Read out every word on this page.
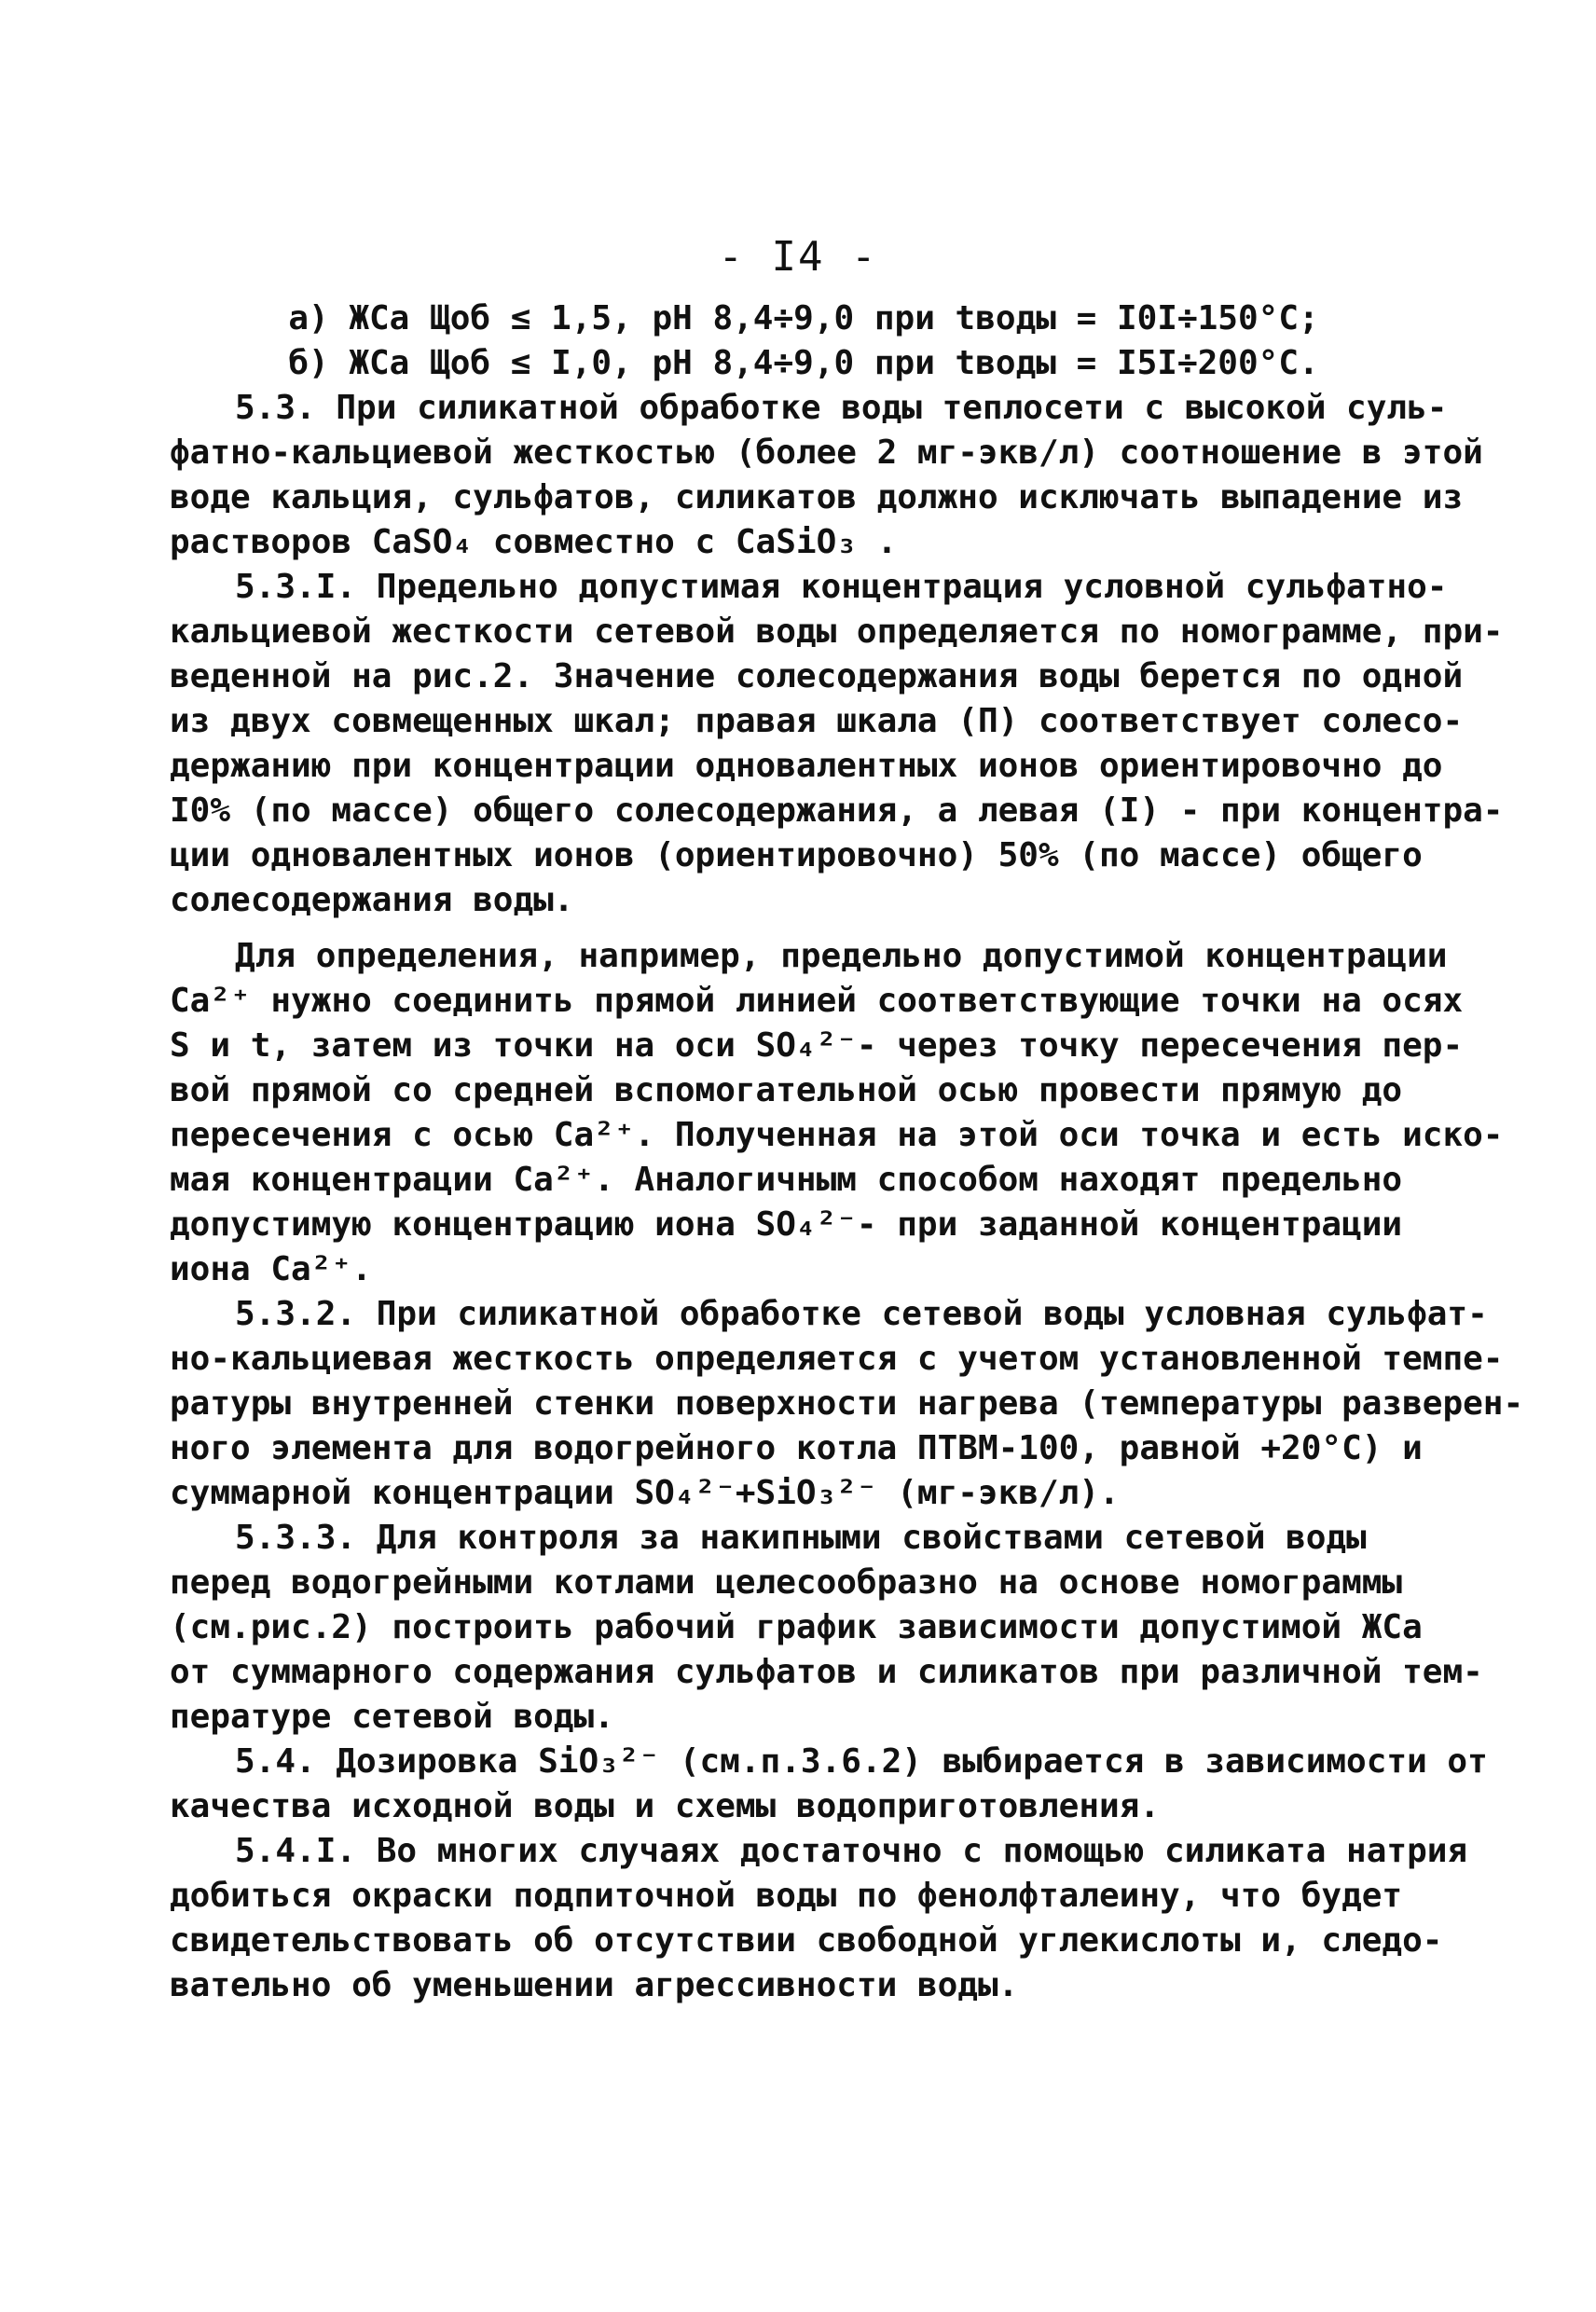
- I4 -
а) ЖCa Щоб ≤ 1,5, рН 8,4÷9,0 при tводы = I0I÷150°C;
б) ЖCa Щоб ≤ I,0, рН 8,4÷9,0 при tводы = I5I÷200°С.
5.3. При силикатной обработке воды теплосети с высокой суль-
фатно-кальциевой жесткостью (более 2 мг-экв/л) соотношение в этой
воде кальция, сульфатов, силикатов должно исключать выпадение из
растворов CaSO₄ совместно с CaSiO₃ .
5.3.I. Предельно допустимая концентрация условной сульфатно-
кальциевой жесткости сетевой воды определяется по номограмме, при-
веденной на рис.2. Значение солесодержания воды берется по одной
из двух совмещенных шкал; правая шкала (П) соответствует солесо-
держанию при концентрации одновалентных ионов ориентировочно до
I0% (по массе) общего солесодержания, а левая (I) - при концентра-
ции одновалентных ионов (ориентировочно) 50% (по массе) общего
солесодержания воды.
Для определения, например, предельно допустимой концентрации
Са²⁺ нужно соединить прямой линией соответствующие точки на осях
S и t, затем из точки на оси SO₄²⁻- через точку пересечения пер-
вой прямой со средней вспомогательной осью провести прямую до
пересечения с осью Ca²⁺. Полученная на этой оси точка и есть иско-
мая концентрации Ca²⁺. Аналогичным способом находят предельно
допустимую концентрацию иона SO₄²⁻- при заданной концентрации
иона Ca²⁺.
5.3.2. При силикатной обработке сетевой воды условная сульфат-
но-кальциевая жесткость определяется с учетом установленной темпе-
ратуры внутренней стенки поверхности нагрева (температуры разверен-
ного элемента для водогрейного котла ПТВМ-100, равной +20°С) и
суммарной концентрации SO₄²⁻+SiO₃²⁻ (мг-экв/л).
5.3.3. Для контроля за накипными свойствами сетевой воды
перед водогрейными котлами целесообразно на основе номограммы
(см.рис.2) построить рабочий график зависимости допустимой ЖCa
от суммарного содержания сульфатов и силикатов при различной тем-
пературе сетевой воды.
5.4. Дозировка SiO₃²⁻ (см.п.3.6.2) выбирается в зависимости от
качества исходной воды и схемы водоприготовления.
5.4.I. Во многих случаях достаточно с помощью силиката натрия
добиться окраски подпиточной воды по фенолфталеину, что будет
свидетельствовать об отсутствии свободной углекислоты и, следо-
вательно об уменьшении агрессивности воды.
